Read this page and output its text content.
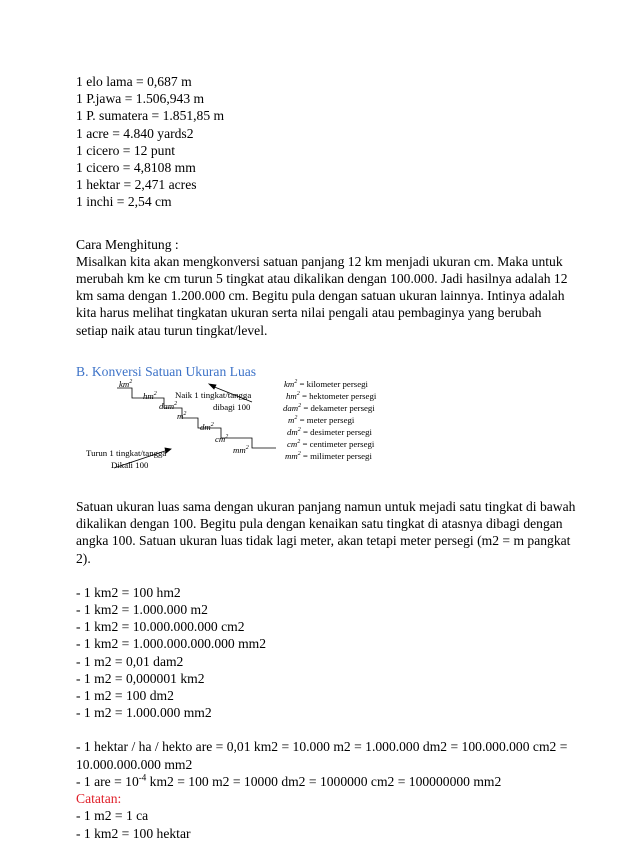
1 elo lama = 0,687 m
1 P.jawa = 1.506,943 m
1 P. sumatera = 1.851,85 m
1 acre = 4.840 yards2
1 cicero = 12 punt
1 cicero = 4,8108 mm
1 hektar = 2,471 acres
1 inchi = 2,54 cm
Cara Menghitung :
Misalkan kita akan mengkonversi satuan panjang 12 km menjadi ukuran cm. Maka untuk merubah km ke cm turun 5 tingkat atau dikalikan dengan 100.000. Jadi hasilnya adalah 12 km sama dengan 1.200.000 cm. Begitu pula dengan satuan ukuran lainnya. Intinya adalah kita harus melihat tingkatan ukuran serta nilai pengali atau pembaginya yang berubah setiap naik atau turun tingkat/level.
B. Konversi Satuan Ukuran Luas
$km^2$
$hm^2$
dam$^2$
$m^2$
$dm^2$
$cm^2$
$mm^2$
Naik 1 tingkat/tangga
dibagi 100
Turun 1 tingkat/tangga
Dikali 100
$km^2$ = kilometer persegi
$hm^2$ = hektometer persegi
dam$^2$ = dekameter persegi
$m^2$ = meter persegi
$dm^2$ = desimeter persegi
$cm^2$ = centimeter persegi
$mm^2$ = milimeter persegi
Satuan ukuran luas sama dengan ukuran panjang namun untuk mejadi satu tingkat di bawah dikalikan dengan 100. Begitu pula dengan kenaikan satu tingkat di atasnya dibagi dengan angka 100. Satuan ukuran luas tidak lagi meter, akan tetapi meter persegi (m2 = m pangkat 2).
- 1 km2 = 100 hm2
- 1 km2 = 1.000.000 m2
- 1 km2 = 10.000.000.000 cm2
- 1 km2 = 1.000.000.000.000 mm2
- 1 m2 = 0,01 dam2
- 1 m2 = 0,000001 km2
- 1 m2 = 100 dm2
- 1 m2 = 1.000.000 mm2
- 1 hektar / ha / hekto are = 0,01 km2 = 10.000 m2 = 1.000.000 dm2 = 100.000.000 cm2 = 10.000.000.000 mm2
- 1 are = $10^{-4}$ km2 = 100 m2 = 10000 dm2 = 1000000 cm2 = 100000000 mm2
Catatan:
- 1 m2 = 1 ca
- 1 km2 = 100 hektar
